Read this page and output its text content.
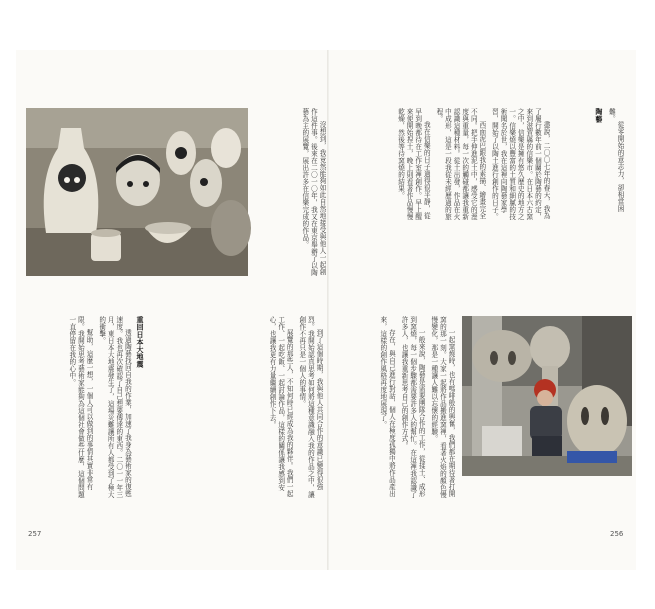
從零開始的意志力，卻相當困難。

陶藝

盡說，二〇〇七年的春天，我為了履行數年前一個關於陶藝的約定，來到滋賀縣的信樂市。在日本六古窯之中，信樂是擁有悠久歷史的地方之一。信樂燒以豐富的土質和細膩的技術聞名於世，我在這裡向陶藝家學習，開始了以陶土進行創作的日子。

西面泥巴跟我的素描、繪畫完全不同。把手伸進泥土中，感受它的溼度與重量，每一次的觸碰都讓我重新認識這種材料。從土出發，作品在火中成形，這是一段我從未經歷過的旅程。

我在信樂的日子過得很平靜，從早到晚都待在工作室裡創作。早上醒來便開始捏土，晚上則看著作品慢慢乾燥，然後等待窯燒的結果。

一起窯燒時，也有嗎啡般的興奮，我們都在期待著打開窯的那一刻。大家一起將作品搬進窯裡，看著火焰的顏色慢慢變化，那是一種讓人難以忘懷的經驗。

一般來說，陶藝是需要團隊合作的工作，從揉土、成形到窯燒，每一個步驟都需要許多人的幫忙。在這裡我認識了許多人，也讓我重新思考自己的創作方式。

存在，與自己進行對話，個人在極度孤獨中將作品產出來，這樣的創作風格再度地展現了。

256

沒想到，我竟然能夠如此自然地接受與他人一起創作這件事。後來在二〇一〇年，我又在東京舉辦了以陶藝為主的展覽，展出許多在信樂完成的作品。

到了這個時期，我與他人共同合作的意識已變得很強烈。我開始認真思考如何將這種意識融入我的作品之中，讓創作不再只是一個人的事情。

展覽的那些人，不知何時已經成為我的夥伴。我們一起工作、一起吃飯、一起討論作品，這樣的關係讓我感到安心，也讓我更有力量繼續創作下去。

重回日本大地震

透過陶藝找回自我的作業，加速了我身為藝術家的復甦速度。我也再次確認了自己想要傳達的東西。二〇一一年三月，東日本大地震發生了，這場災難讓所有人都受到了極大的衝擊。

幫助，這麼一想，一個人可以做到的事情其實非常有限。我開始思考藝術家能夠為這個社會做些什麼，這個問題一直停留在我的心中。

257
